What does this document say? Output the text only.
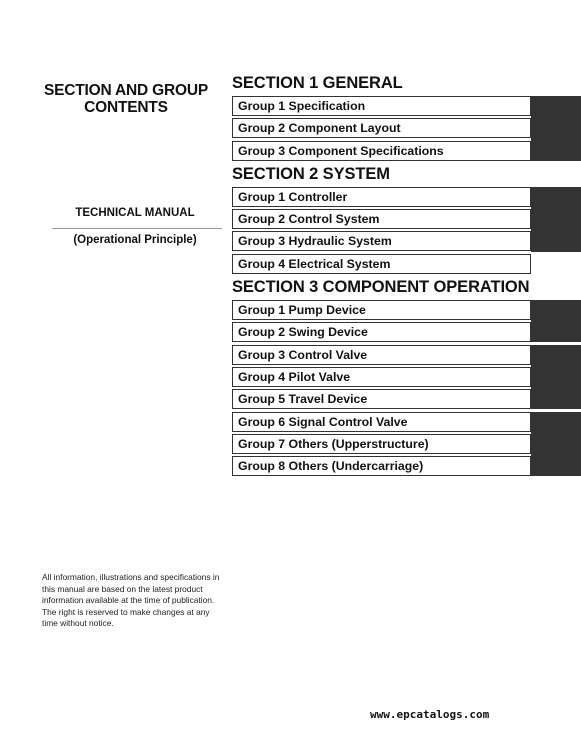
SECTION AND GROUP
CONTENTS
TECHNICAL MANUAL
(Operational Principle)
All information, illustrations and specifications in this manual are based on the latest product information available at the time of publication. The right is reserved to make changes at any time without notice.
SECTION 1 GENERAL
Group 1 Specification
Group 2 Component Layout
Group 3 Component Specifications
SECTION 2 SYSTEM
Group 1 Controller
Group 2 Control System
Group 3 Hydraulic System
Group 4 Electrical System
SECTION 3 COMPONENT OPERATION
Group 1 Pump Device
Group 2 Swing Device
Group 3 Control Valve
Group 4 Pilot Valve
Group 5 Travel Device
Group 6 Signal Control Valve
Group 7 Others (Upperstructure)
Group 8 Others (Undercarriage)
www.epcatalogs.com
